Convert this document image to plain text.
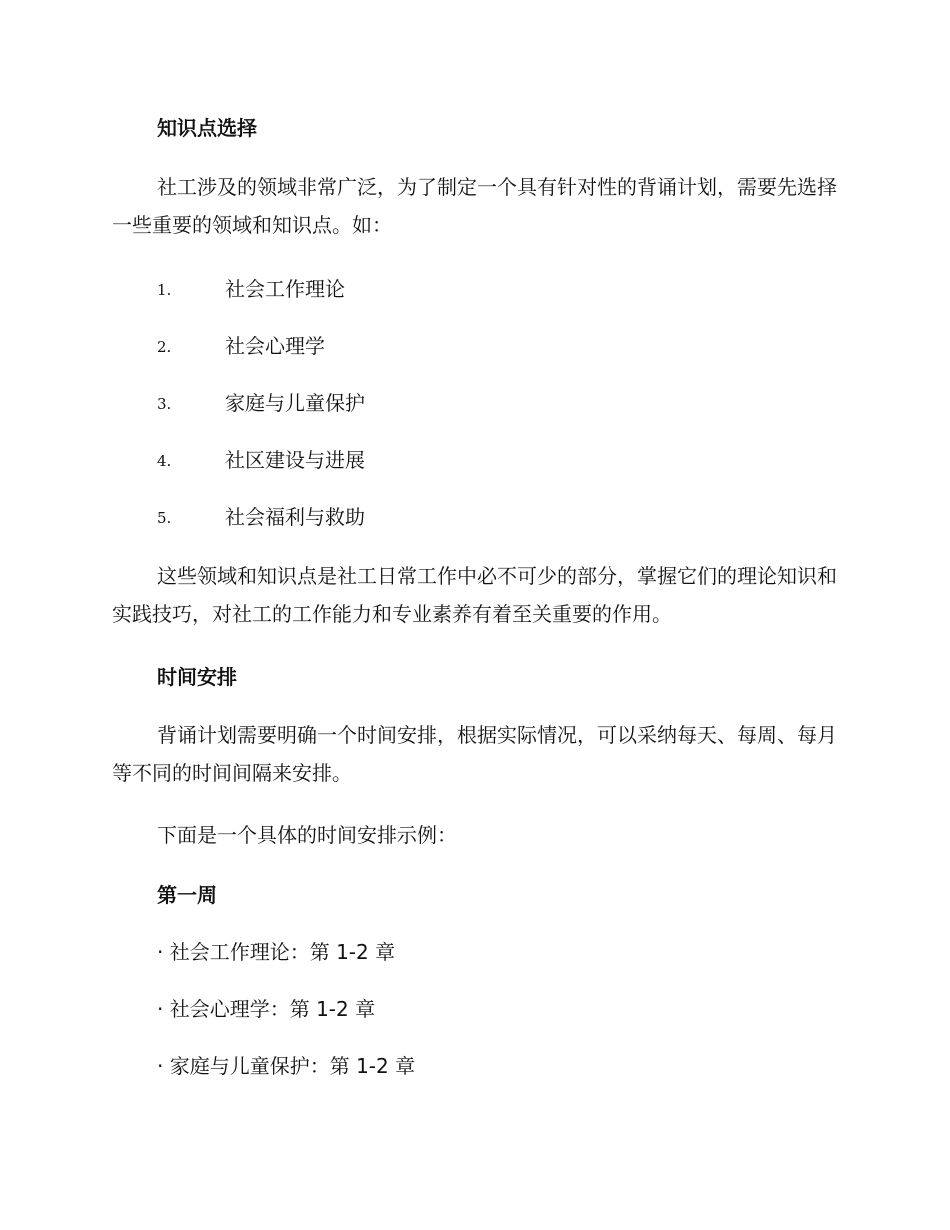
知识点选择

社工涉及的领域非常广泛，为了制定一个具有针对性的背诵计划，需要先选择一些重要的领域和知识点。如：

1.	社会工作理论
2.	社会心理学
3.	家庭与儿童保护
4.	社区建设与进展
5.	社会福利与救助

这些领域和知识点是社工日常工作中必不可少的部分，掌握它们的理论知识和实践技巧，对社工的工作能力和专业素养有着至关重要的作用。

时间安排

背诵计划需要明确一个时间安排，根据实际情况，可以采纳每天、每周、每月等不同的时间间隔来安排。

下面是一个具体的时间安排示例：

第一周
· 社会工作理论：第 1-2 章
· 社会心理学：第 1-2 章
· 家庭与儿童保护：第 1-2 章
